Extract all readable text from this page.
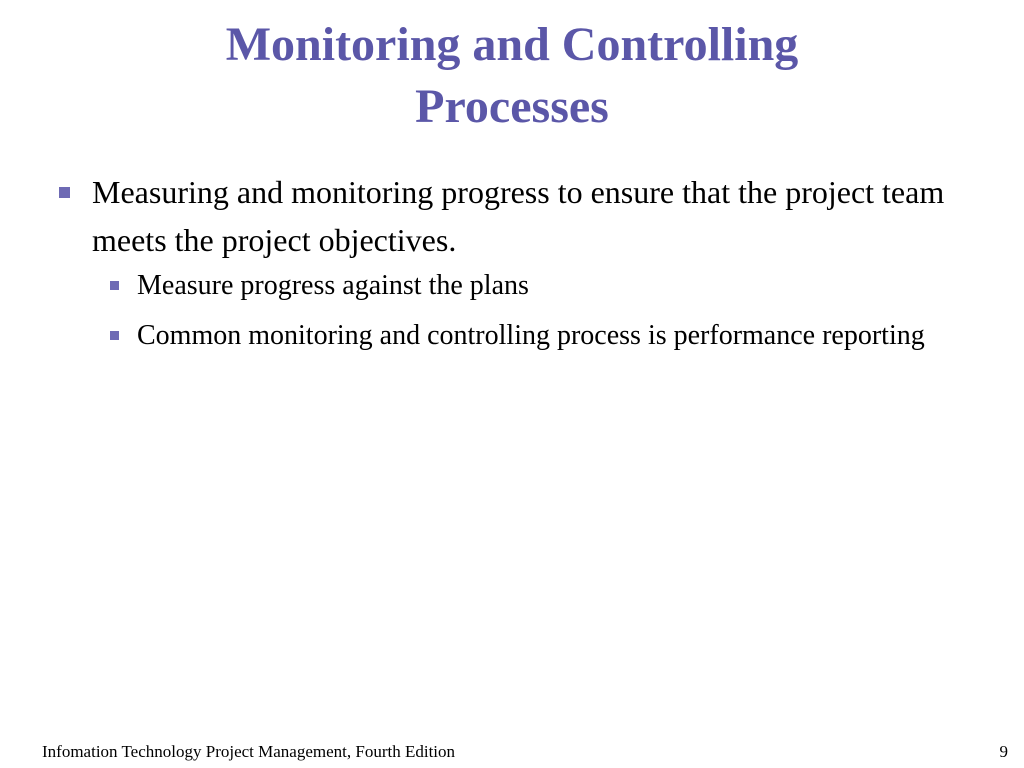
Monitoring and Controlling
Processes
Measuring and monitoring progress to ensure that the project team meets the project objectives.
Measure progress against the plans
Common monitoring and controlling process is performance reporting
Infomation Technology Project Management, Fourth Edition	9
